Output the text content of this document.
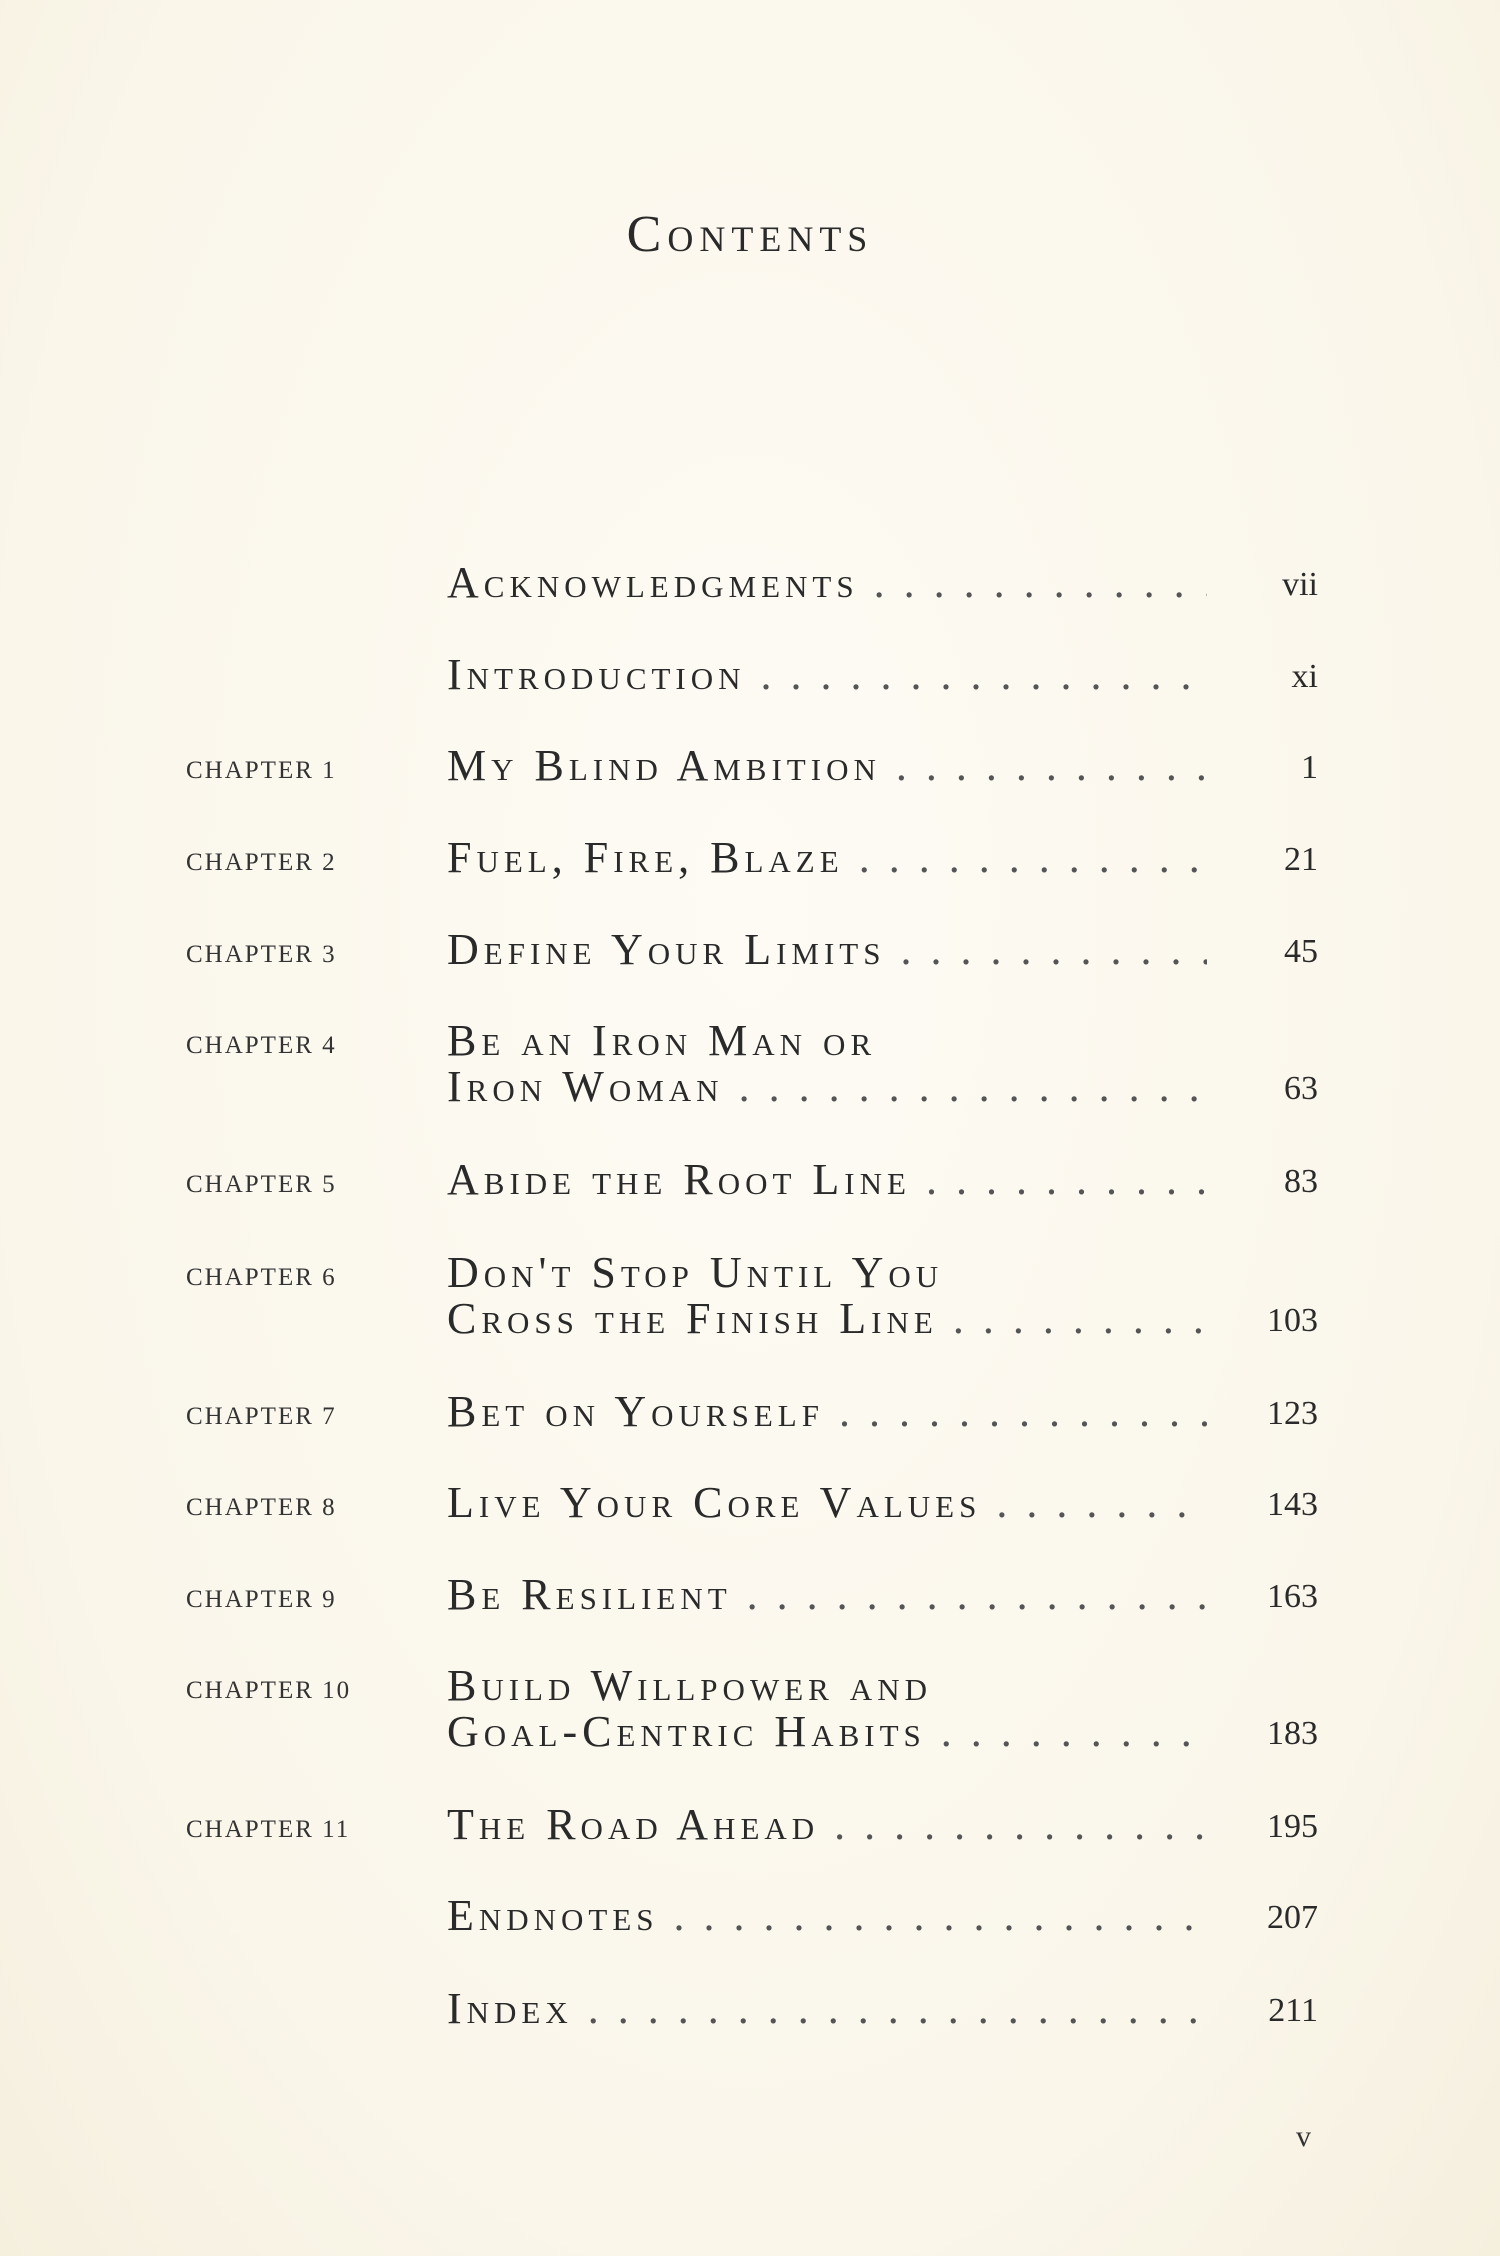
Contents
Acknowledgments . . .	vii
Introduction . . .	xi
CHAPTER 1	My Blind Ambition . . .	1
CHAPTER 2	Fuel, Fire, Blaze . . .	21
CHAPTER 3	Define Your Limits . . .	45
CHAPTER 4	Be an Iron Man or
Iron Woman . . .	63
CHAPTER 5	Abide the Root Line . . .	83
CHAPTER 6	Don't Stop Until You
Cross the Finish Line . . .	103
CHAPTER 7	Bet on Yourself . . .	123
CHAPTER 8	Live Your Core Values . . .	143
CHAPTER 9	Be Resilient . . .	163
CHAPTER 10 Build Willpower and
Goal-Centric Habits . . .	183
CHAPTER 11 The Road Ahead . . .	195
Endnotes . . .	207
Index . . .	211
v
